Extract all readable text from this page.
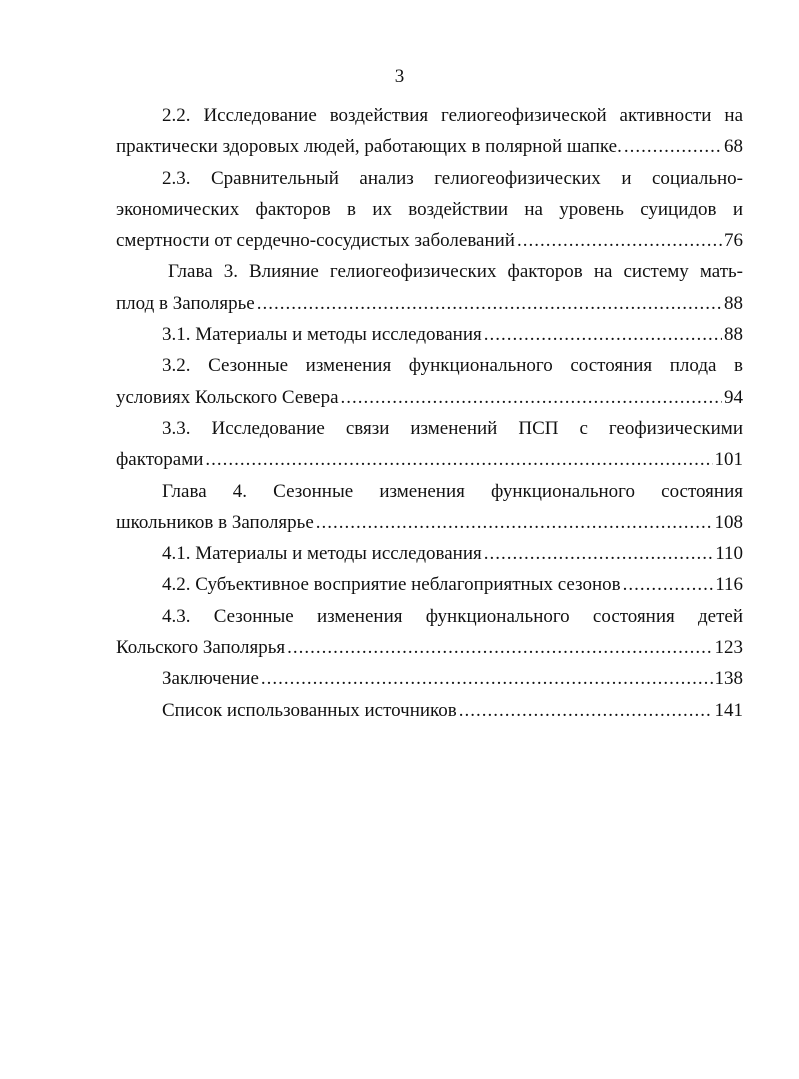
3
2.2. Исследование воздействия гелиогеофизической активности на
практически здоровых людей, работающих в полярной шапке. .....	68
2.3. Сравнительный анализ гелиогеофизических и социально-
экономических факторов в их воздействии на уровень суицидов и
смертности от сердечно-сосудистых заболеваний .....	76
Глава 3. Влияние гелиогеофизических факторов на систему мать-
плод в Заполярье .....	88
3.1. Материалы и методы исследования .....	88
3.2. Сезонные изменения функционального состояния плода в
условиях Кольского Севера .....	94
3.3. Исследование связи изменений ПСП с геофизическими
факторами .....	101
Глава 4. Сезонные изменения функционального состояния
школьников в Заполярье .....	108
4.1. Материалы и методы исследования .....	110
4.2. Субъективное восприятие неблагоприятных сезонов .....	116
4.3. Сезонные изменения функционального состояния детей
Кольского Заполярья .....	123
Заключение .....	138
Список использованных источников .....	141
